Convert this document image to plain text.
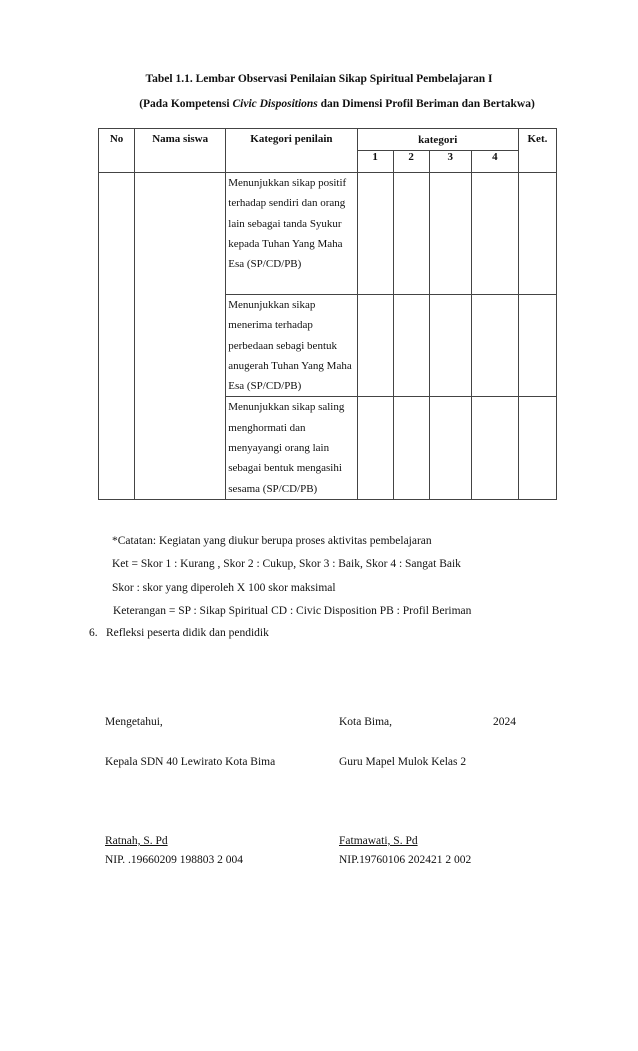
Tabel 1.1. Lembar Observasi Penilaian Sikap Spiritual Pembelajaran I
(Pada Kompetensi Civic Dispositions dan Dimensi Profil Beriman dan Bertakwa)
No	Nama siswa	Kategori penilain	kategori				Ket.
			1	2	3	4	
		Menunjukkan sikap positif terhadap sendiri dan orang lain sebagai tanda Syukur kepada Tuhan Yang Maha Esa (SP/CD/PB)					
		Menunjukkan sikap menerima terhadap perbedaan sebagi bentuk anugerah Tuhan Yang Maha Esa (SP/CD/PB)					
		Menunjukkan sikap saling menghormati dan menyayangi orang lain sebagai bentuk mengasihi sesama (SP/CD/PB)					
*Catatan: Kegiatan yang diukur berupa proses aktivitas pembelajaran
Ket = Skor 1 : Kurang , Skor 2 : Cukup, Skor 3 : Baik, Skor 4 : Sangat Baik
Skor : skor yang diperoleh X 100 skor maksimal
Keterangan = SP : Sikap Spiritual CD : Civic Disposition PB : Profil Beriman
6. Refleksi peserta didik dan pendidik
Mengetahui,	Kota Bima,	2024
Kepala SDN 40 Lewirato Kota Bima	Guru Mapel Mulok Kelas 2
Ratnah, S. Pd	Fatmawati, S. Pd
NIP. .19660209 198803 2 004	NIP.19760106 202421 2 002
